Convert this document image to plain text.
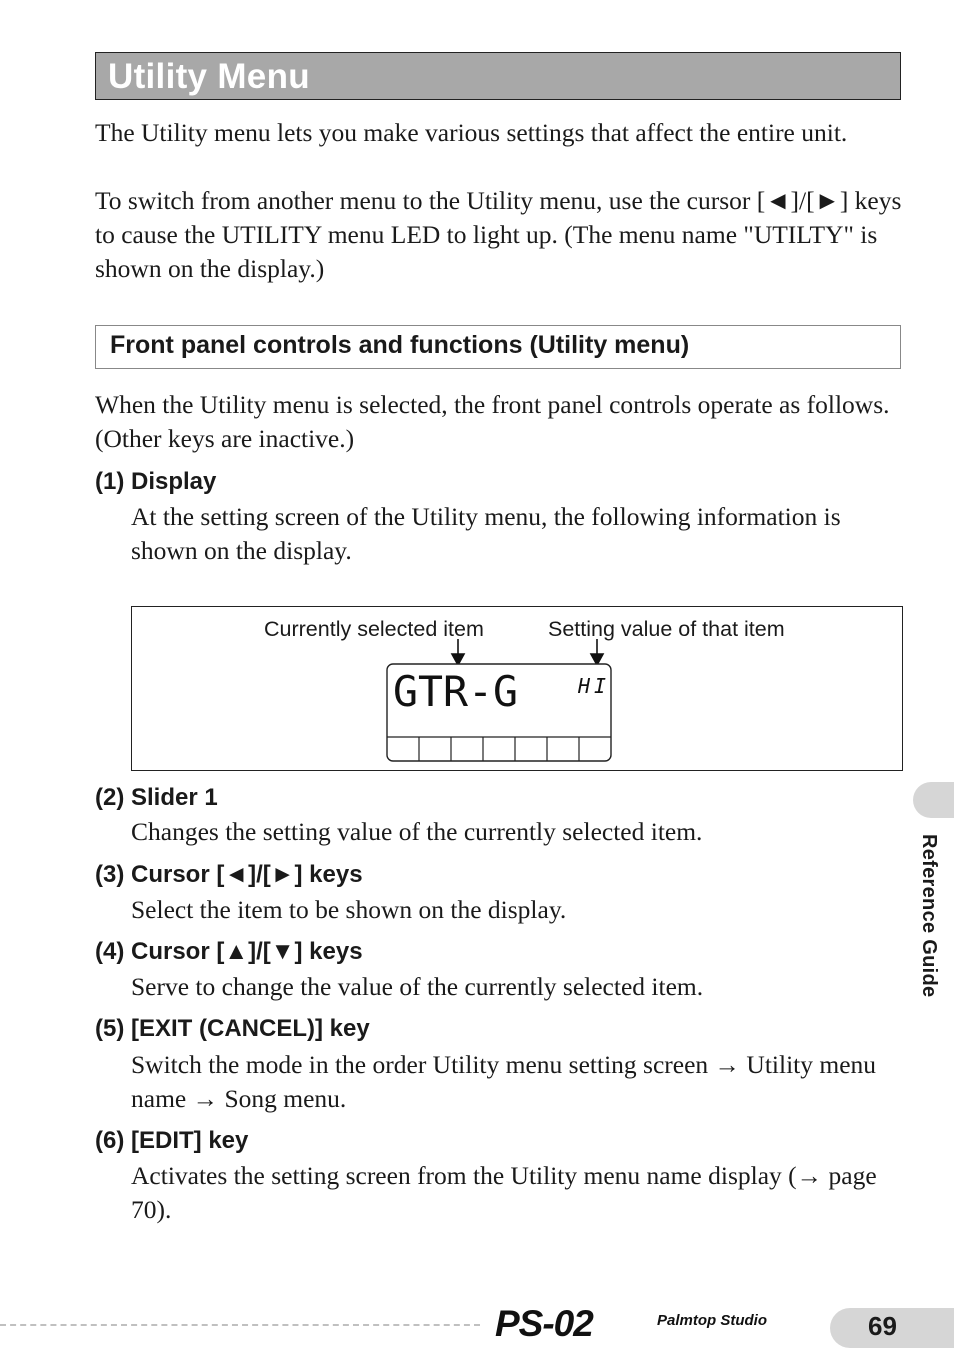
Utility Menu

The Utility menu lets you make various settings that affect the entire unit.

To switch from another menu to the Utility menu, use the cursor [◄]/[►] keys to cause the UTILITY menu LED to light up. (The menu name "UTILTY" is shown on the display.)

Front panel controls and functions (Utility menu)

When the Utility menu is selected, the front panel controls operate as follows. (Other keys are inactive.)

(1) Display

At the setting screen of the Utility menu, the following information is shown on the display.

Currently selected item	Setting value of that item
GTR-G	HI
(2) Slider 1

Changes the setting value of the currently selected item.

(3) Cursor [◄]/[►] keys

Select the item to be shown on the display.

(4) Cursor [▲]/[▼] keys

Serve to change the value of the currently selected item.

(5) [EXIT (CANCEL)] key

Switch the mode in the order Utility menu setting screen → Utility menu name → Song menu.

(6) [EDIT] key

Activates the setting screen from the Utility menu name display (→ page 70).

Reference Guide
PS-02	Palmtop Studio	69
